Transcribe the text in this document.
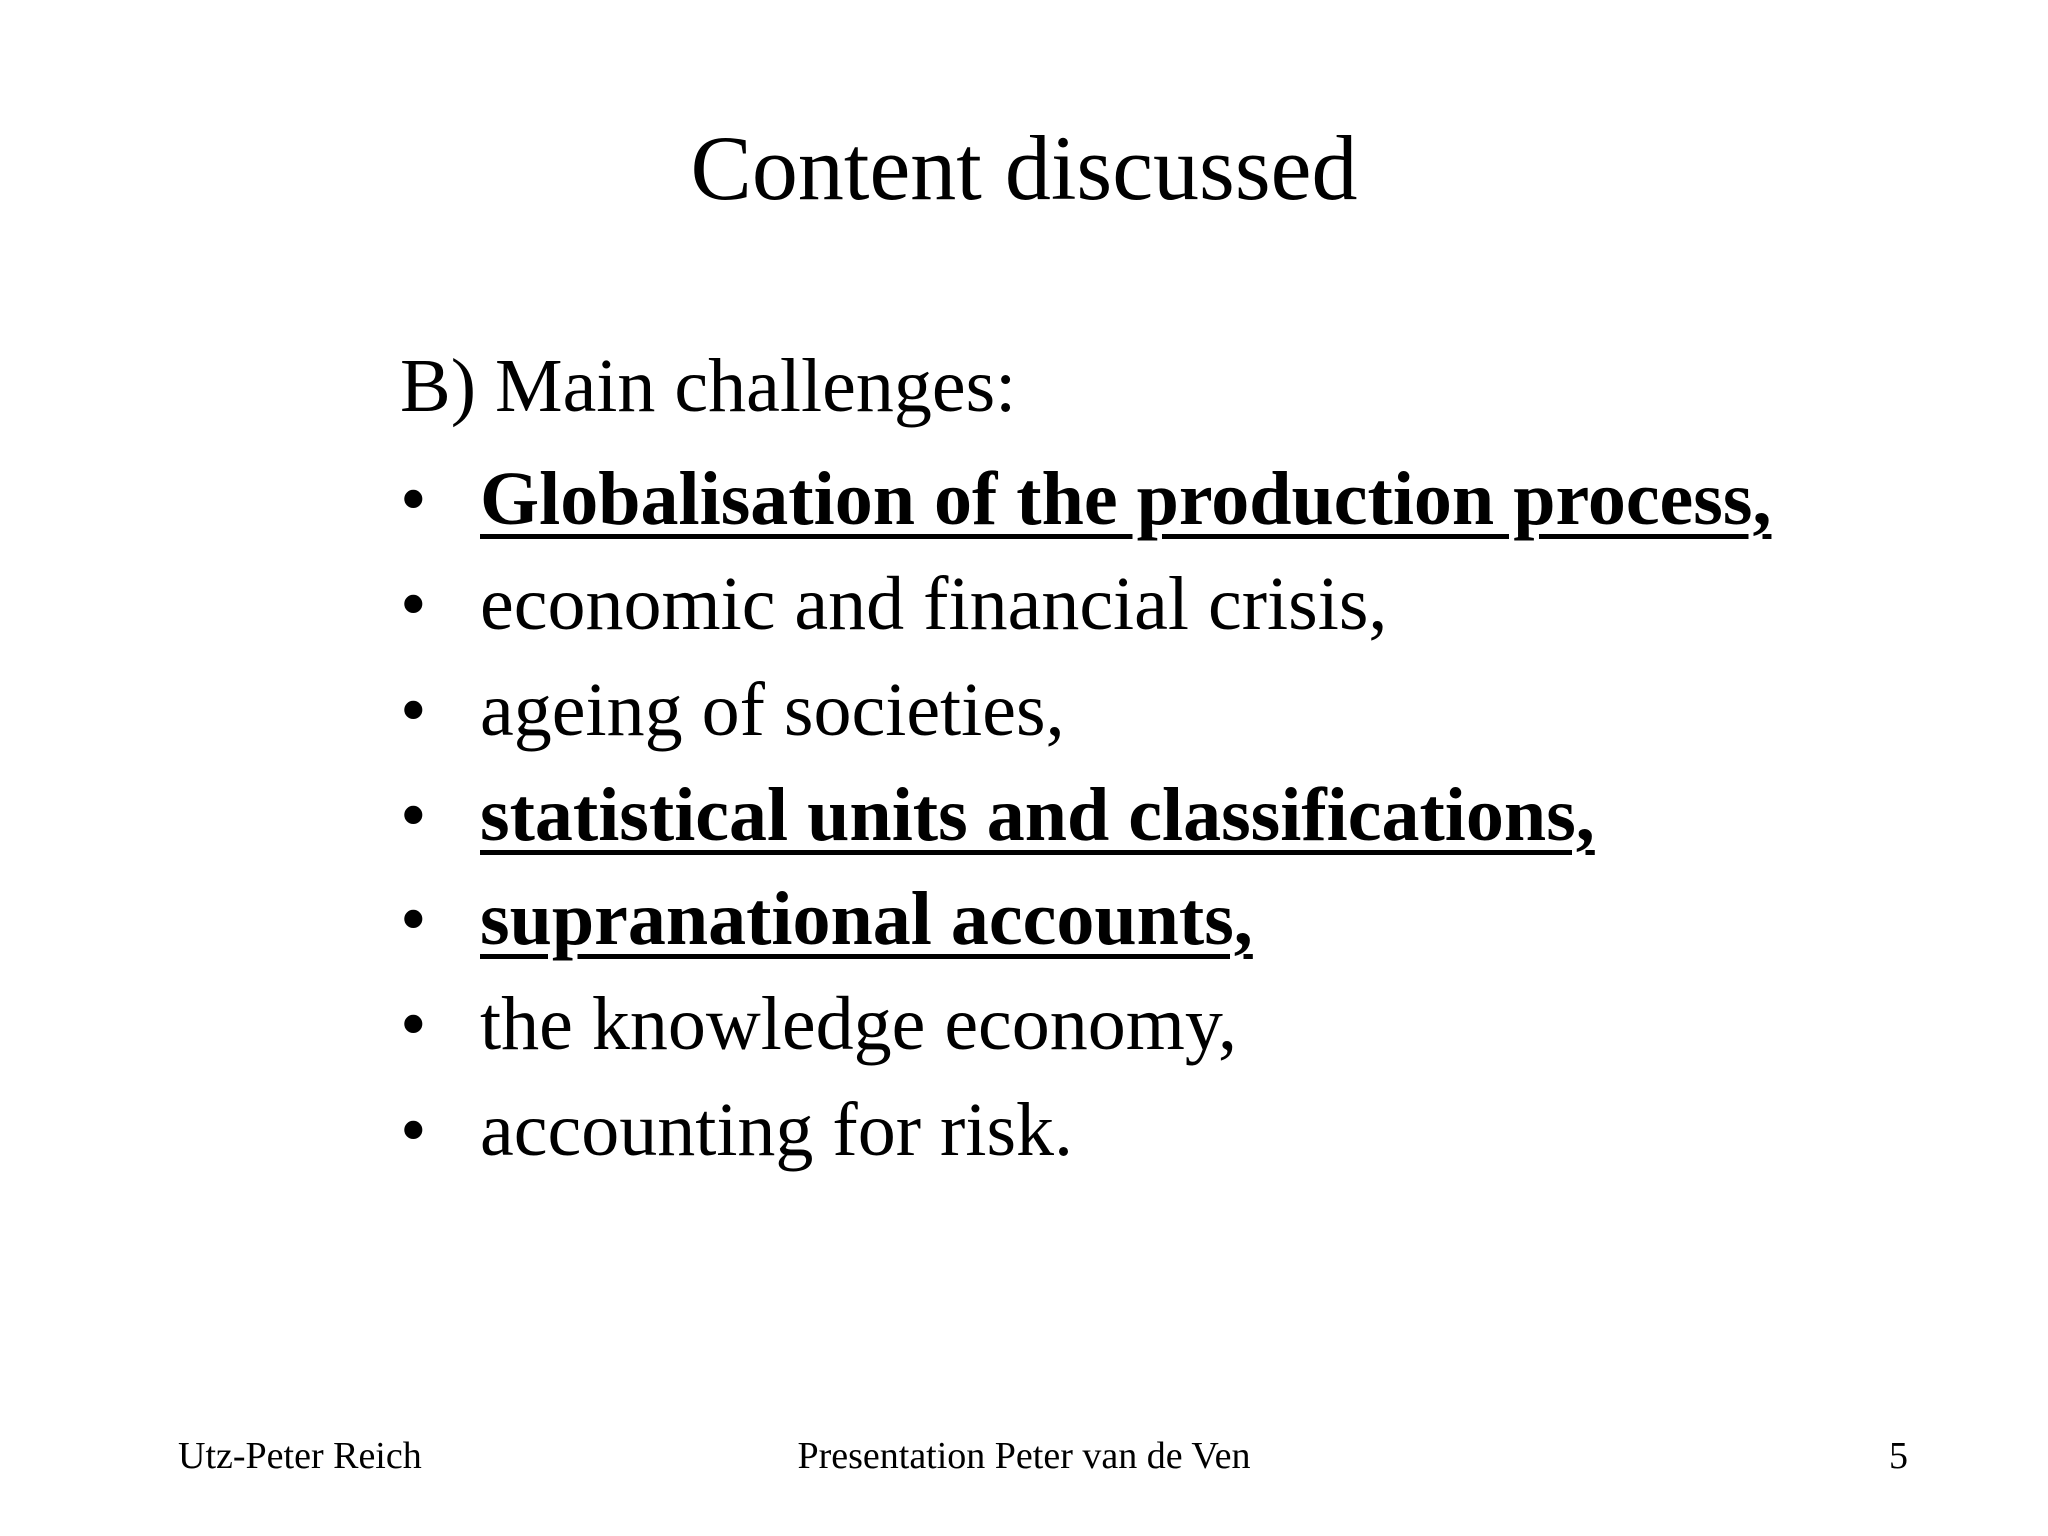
Content discussed

B) Main challenges:

• Globalisation of the production process,
• economic and financial crisis,
• ageing of societies,
• statistical units and classifications,
• supranational accounts,
• the knowledge economy,
• accounting for risk.
Presentation Peter van de Ven
Utz-Peter Reich	5
